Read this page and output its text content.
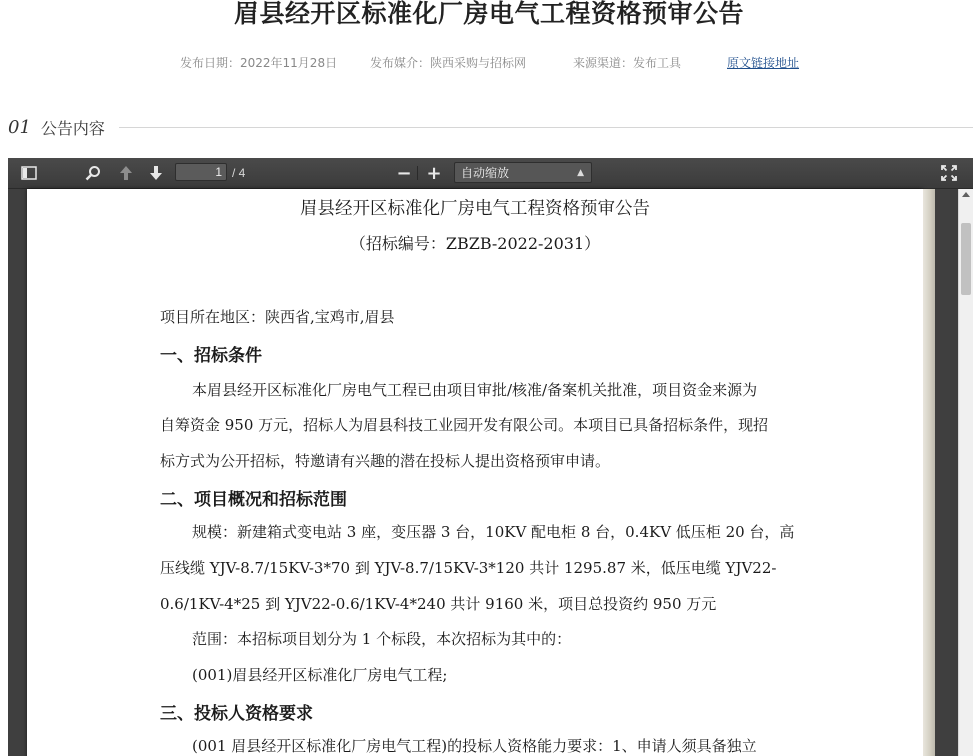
眉县经开区标准化厂房电气工程资格预审公告
发布日期：2022年11月28日	发布媒介：陕西采购与招标网	来源渠道：发布工具	原文链接地址
01 公告内容
1
/ 4	− +	自动缩放	▲

眉县经开区标准化厂房电气工程资格预审公告
（招标编号：ZBZB-2022-2031）
项目所在地区：陕西省,宝鸡市,眉县
一、招标条件
本眉县经开区标准化厂房电气工程已由项目审批/核准/备案机关批准，项目资金来源为
自筹资金 950 万元，招标人为眉县科技工业园开发有限公司。本项目已具备招标条件，现招
标方式为公开招标，特邀请有兴趣的潜在投标人提出资格预审申请。
二、项目概况和招标范围
规模：新建箱式变电站 3 座，变压器 3 台，10KV 配电柜 8 台，0.4KV 低压柜 20 台，高
压线缆 YJV-8.7/15KV-3*70 到 YJV-8.7/15KV-3*120 共计 1295.87 米，低压电缆 YJV22-
0.6/1KV-4*25 到 YJV22-0.6/1KV-4*240 共计 9160 米，项目总投资约 950 万元
范围：本招标项目划分为 1 个标段，本次招标为其中的：
(001)眉县经开区标准化厂房电气工程;
三、投标人资格要求
(001 眉县经开区标准化厂房电气工程)的投标人资格能力要求：1、申请人须具备独立
